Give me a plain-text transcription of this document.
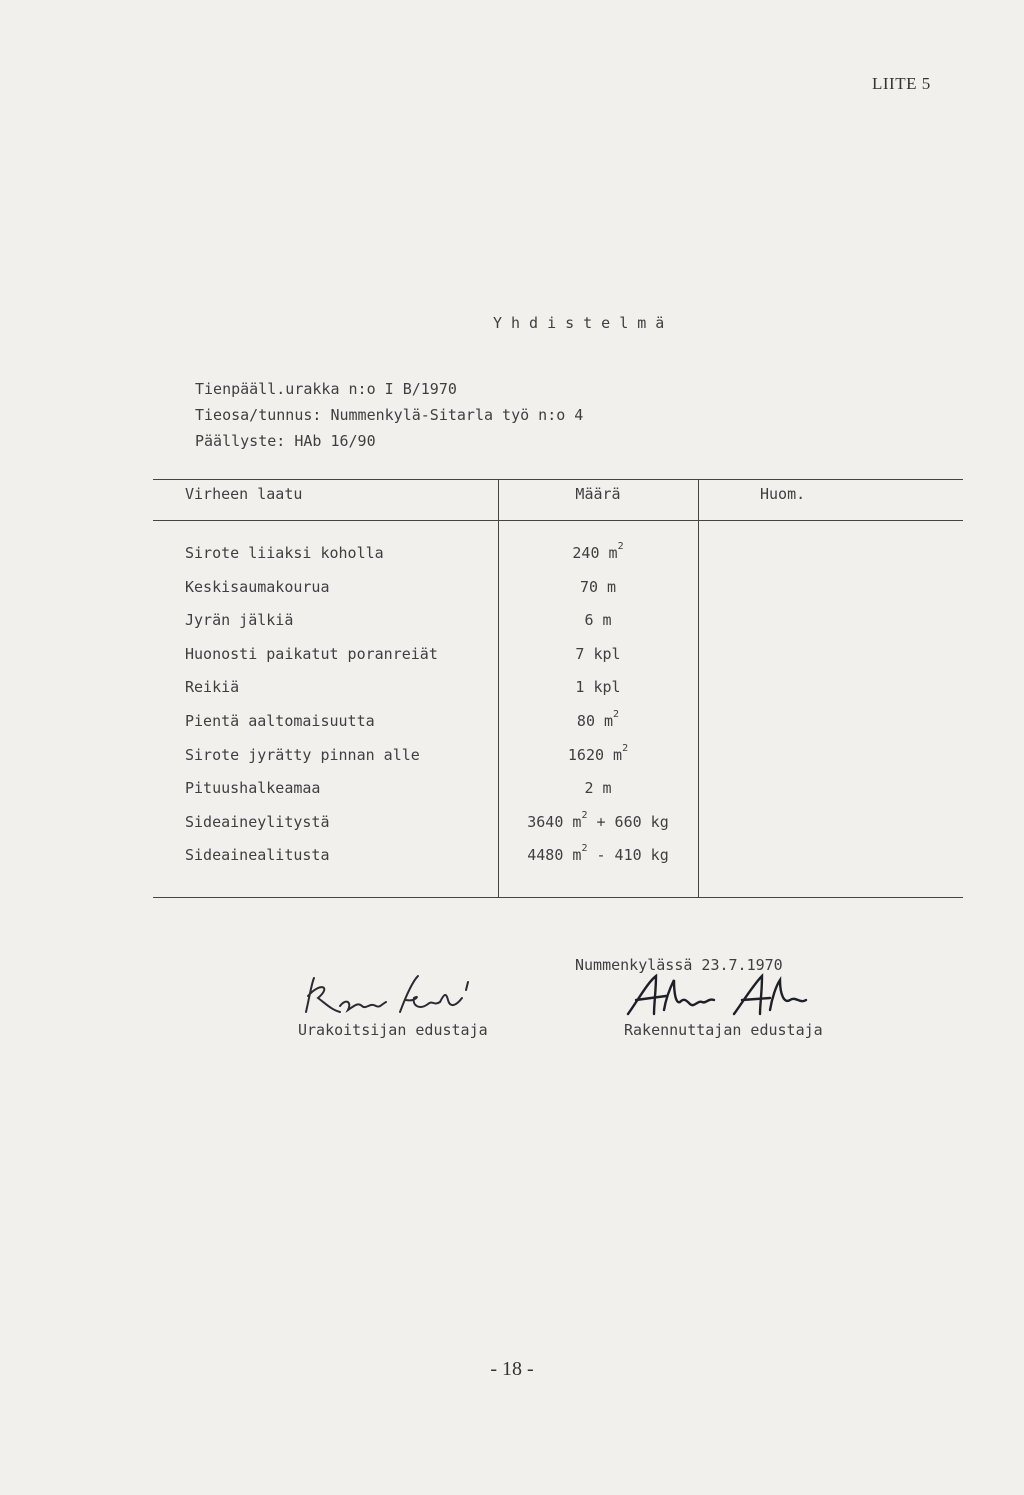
LIITE 5
Yhdistelmä
Tienpääll.urakka n:o I B/1970
Tieosa/tunnus: Nummenkylä-Sitarla työ n:o 4
Päällyste: HAb 16/90
Virheen laatu	Määrä	Huom.
Sirote liiaksi koholla	240 $m^2$
Keskisaumakourua	70 m
Jyrän jälkiä	6 m
Huonosti paikatut poranreiät	7 kpl
Reikiä	1 kpl
Pientä aaltomaisuutta	80 $m^2$
Sirote jyrätty pinnan alle	1620 $m^2$
Pituushalkeamaa	2 m
Sideaineylitystä	3640 $m^2 + 660$ kg
Sideainealitusta	4480 $m^2 - 410$ kg
Nummenkylässä 23.7.1970
Urakoitsijan edustaja	Rakennuttajan edustaja
- 18 -
